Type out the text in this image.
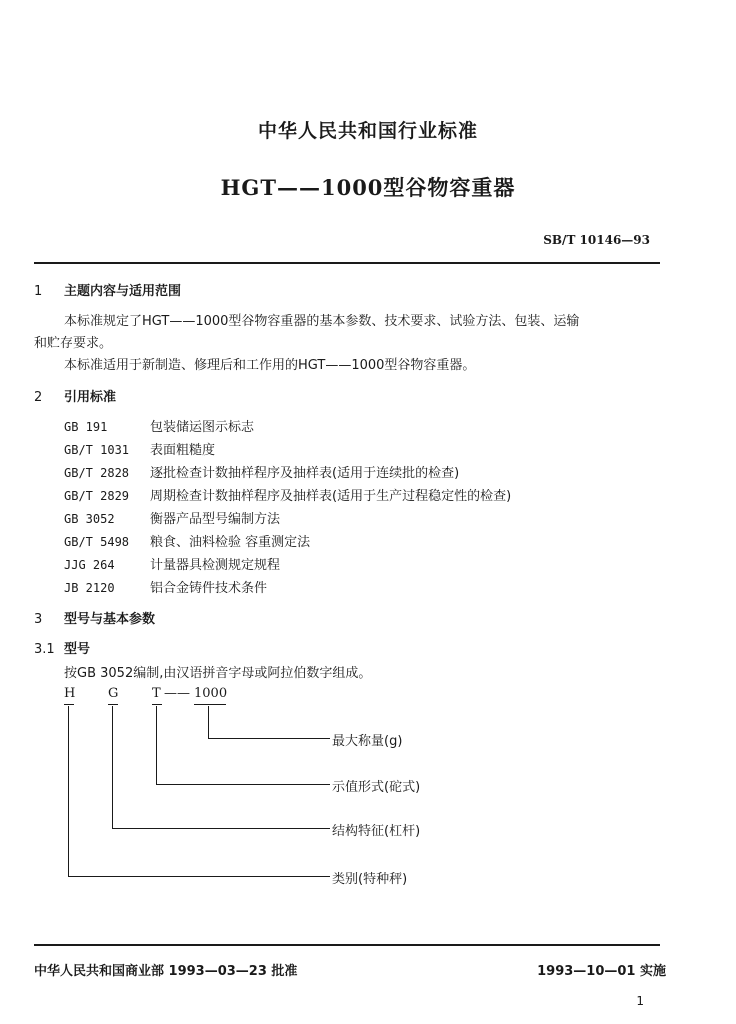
中华人民共和国行业标准
HGT——1000型谷物容重器
SB/T 10146—93
1 主题内容与适用范围
本标准规定了HGT——1000型谷物容重器的基本参数、技术要求、试验方法、包装、运输
和贮存要求。
本标准适用于新制造、修理后和工作用的HGT——1000型谷物容重器。
2 引用标准
GB 191	包装储运图示标志
GB/T 1031 表面粗糙度
GB/T 2828 逐批检查计数抽样程序及抽样表(适用于连续批的检查)
GB/T 2829 周期检查计数抽样程序及抽样表(适用于生产过程稳定性的检查)
GB 3052	衡器产品型号编制方法
GB/T 5498 粮食、油料检验 容重测定法
JJG 264	计量器具检测规定规程
JB 2120	铝合金铸件技术条件
3 型号与基本参数
3.1 型号
按GB 3052编制,由汉语拼音字母或阿拉伯数字组成。
H	G	T —— 1000
最大称量(g)
示值形式(砣式)
结构特征(杠杆)
类别(特种秤)
中华人民共和国商业部 1993—03—23 批准	1993—10—01 实施
1
